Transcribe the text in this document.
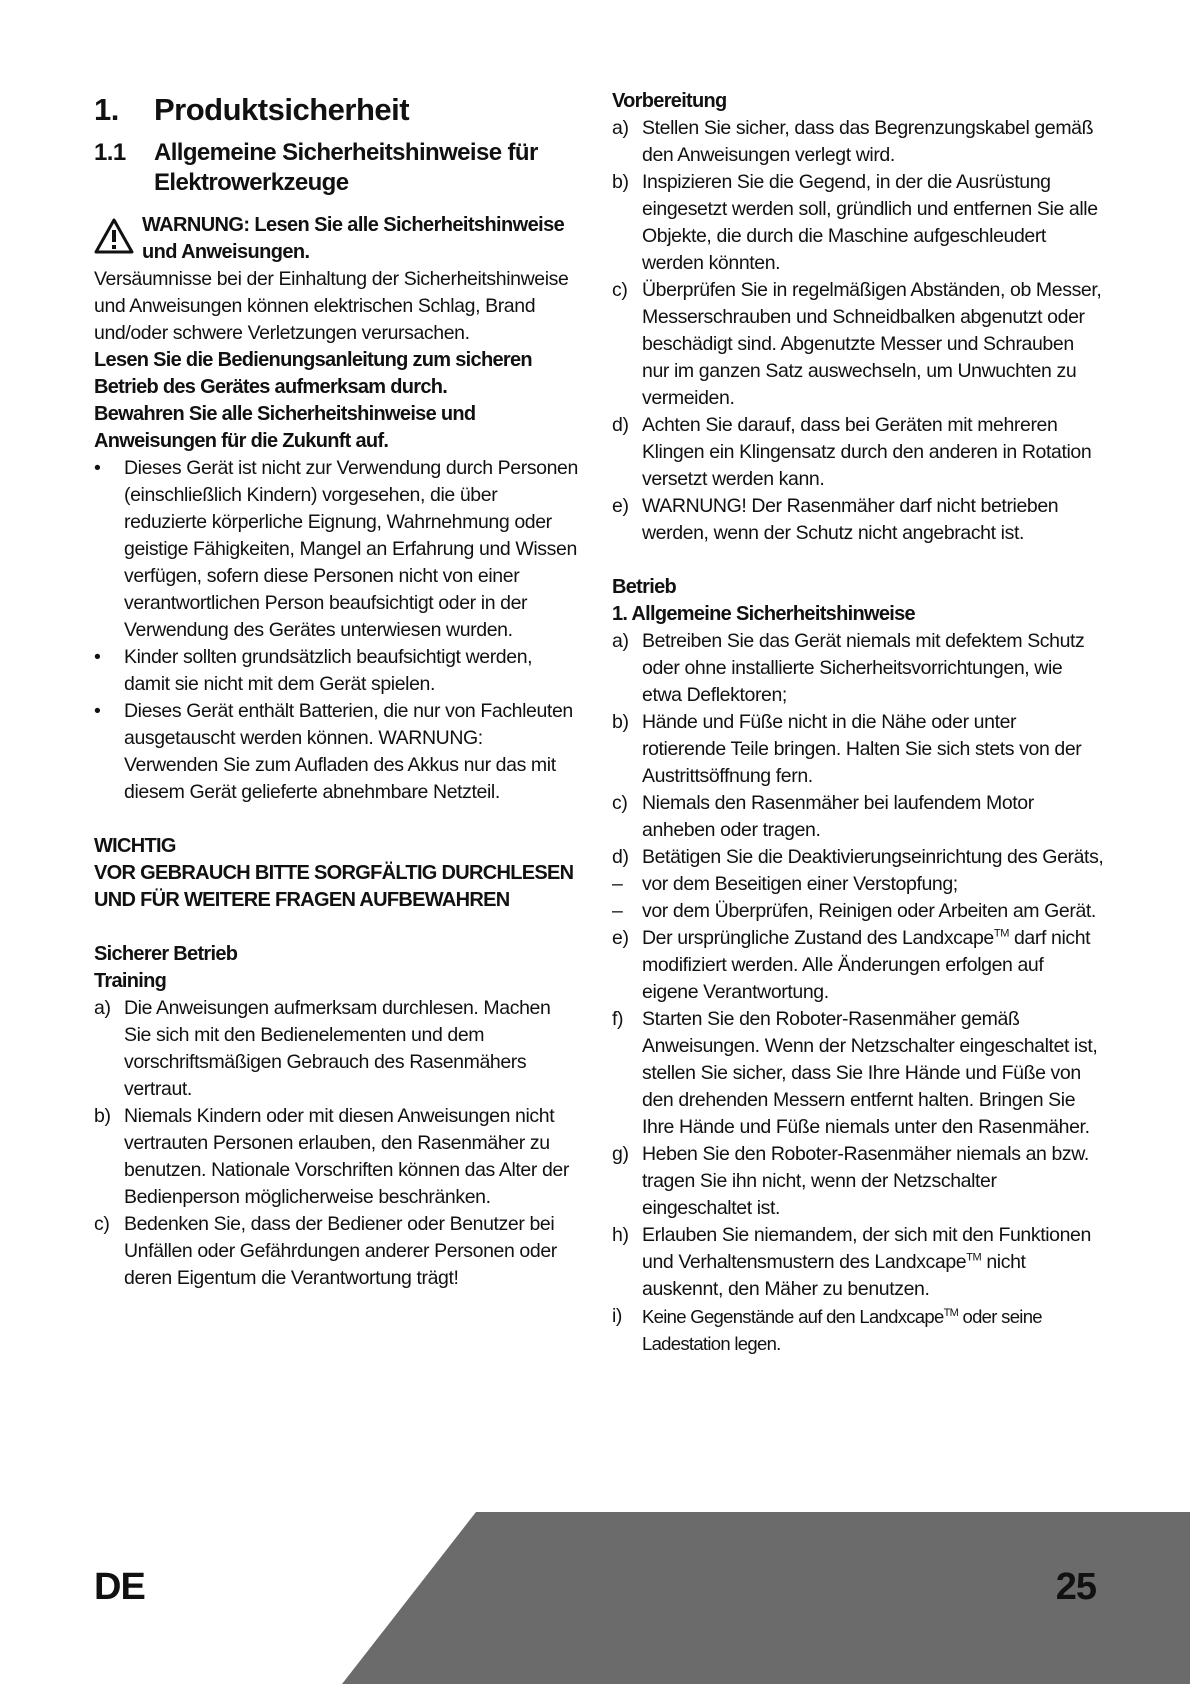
1.	Produktsicherheit
1.1	Allgemeine Sicherheitshinweise für Elektrowerkzeuge
WARNUNG: Lesen Sie alle Sicherheitshinweise und Anweisungen.
Versäumnisse bei der Einhaltung der Sicherheitshinweise und Anweisungen können elektrischen Schlag, Brand und/oder schwere Verletzungen verursachen.
Lesen Sie die Bedienungsanleitung zum sicheren Betrieb des Gerätes aufmerksam durch.
Bewahren Sie alle Sicherheitshinweise und Anweisungen für die Zukunft auf.
•	Dieses Gerät ist nicht zur Verwendung durch Personen (einschließlich Kindern) vorgesehen, die über reduzierte körperliche Eignung, Wahrnehmung oder geistige Fähigkeiten, Mangel an Erfahrung und Wissen verfügen, sofern diese Personen nicht von einer verantwortlichen Person beaufsichtigt oder in der Verwendung des Gerätes unterwiesen wurden.
•	Kinder sollten grundsätzlich beaufsichtigt werden, damit sie nicht mit dem Gerät spielen.
•	Dieses Gerät enthält Batterien, die nur von Fachleuten ausgetauscht werden können. WARNUNG: Verwenden Sie zum Aufladen des Akkus nur das mit diesem Gerät gelieferte abnehmbare Netzteil.
WICHTIG
VOR GEBRAUCH BITTE SORGFÄLTIG DURCHLESEN UND FÜR WEITERE FRAGEN AUFBEWAHREN
Sicherer Betrieb
Training
a) Die Anweisungen aufmerksam durchlesen. Machen Sie sich mit den Bedienelementen und dem vorschriftsmäßigen Gebrauch des Rasenmähers vertraut.
b) Niemals Kindern oder mit diesen Anweisungen nicht vertrauten Personen erlauben, den Rasenmäher zu benutzen. Nationale Vorschriften können das Alter der Bedienperson möglicherweise beschränken.
c) Bedenken Sie, dass der Bediener oder Benutzer bei Unfällen oder Gefährdungen anderer Personen oder deren Eigentum die Verantwortung trägt!
Vorbereitung
a) Stellen Sie sicher, dass das Begrenzungskabel gemäß den Anweisungen verlegt wird.
b) Inspizieren Sie die Gegend, in der die Ausrüstung eingesetzt werden soll, gründlich und entfernen Sie alle Objekte, die durch die Maschine aufgeschleudert werden könnten.
c) Überprüfen Sie in regelmäßigen Abständen, ob Messer, Messerschrauben und Schneidbalken abgenutzt oder beschädigt sind. Abgenutzte Messer und Schrauben nur im ganzen Satz auswechseln, um Unwuchten zu vermeiden.
d) Achten Sie darauf, dass bei Geräten mit mehreren Klingen ein Klingensatz durch den anderen in Rotation versetzt werden kann.
e) WARNUNG! Der Rasenmäher darf nicht betrieben werden, wenn der Schutz nicht angebracht ist.
Betrieb
1. Allgemeine Sicherheitshinweise
a) Betreiben Sie das Gerät niemals mit defektem Schutz oder ohne installierte Sicherheitsvorrichtungen, wie etwa Deflektoren;
b) Hände und Füße nicht in die Nähe oder unter rotierende Teile bringen. Halten Sie sich stets von der Austrittsöffnung fern.
c) Niemals den Rasenmäher bei laufendem Motor anheben oder tragen.
d) Betätigen Sie die Deaktivierungseinrichtung des Geräts,
–	vor dem Beseitigen einer Verstopfung;
–	vor dem Überprüfen, Reinigen oder Arbeiten am Gerät.
e) Der ursprüngliche Zustand des Landxcape™ darf nicht modifiziert werden. Alle Änderungen erfolgen auf eigene Verantwortung.
f) Starten Sie den Roboter-Rasenmäher gemäß Anweisungen. Wenn der Netzschalter eingeschaltet ist, stellen Sie sicher, dass Sie Ihre Hände und Füße von den drehenden Messern entfernt halten. Bringen Sie Ihre Hände und Füße niemals unter den Rasenmäher.
g) Heben Sie den Roboter-Rasenmäher niemals an bzw. tragen Sie ihn nicht, wenn der Netzschalter eingeschaltet ist.
h) Erlauben Sie niemandem, der sich mit den Funktionen und Verhaltensmustern des Landxcape™ nicht auskennt, den Mäher zu benutzen.
i)	Keine Gegenstände auf den Landxcape™ oder seine Ladestation legen.
DE	25
